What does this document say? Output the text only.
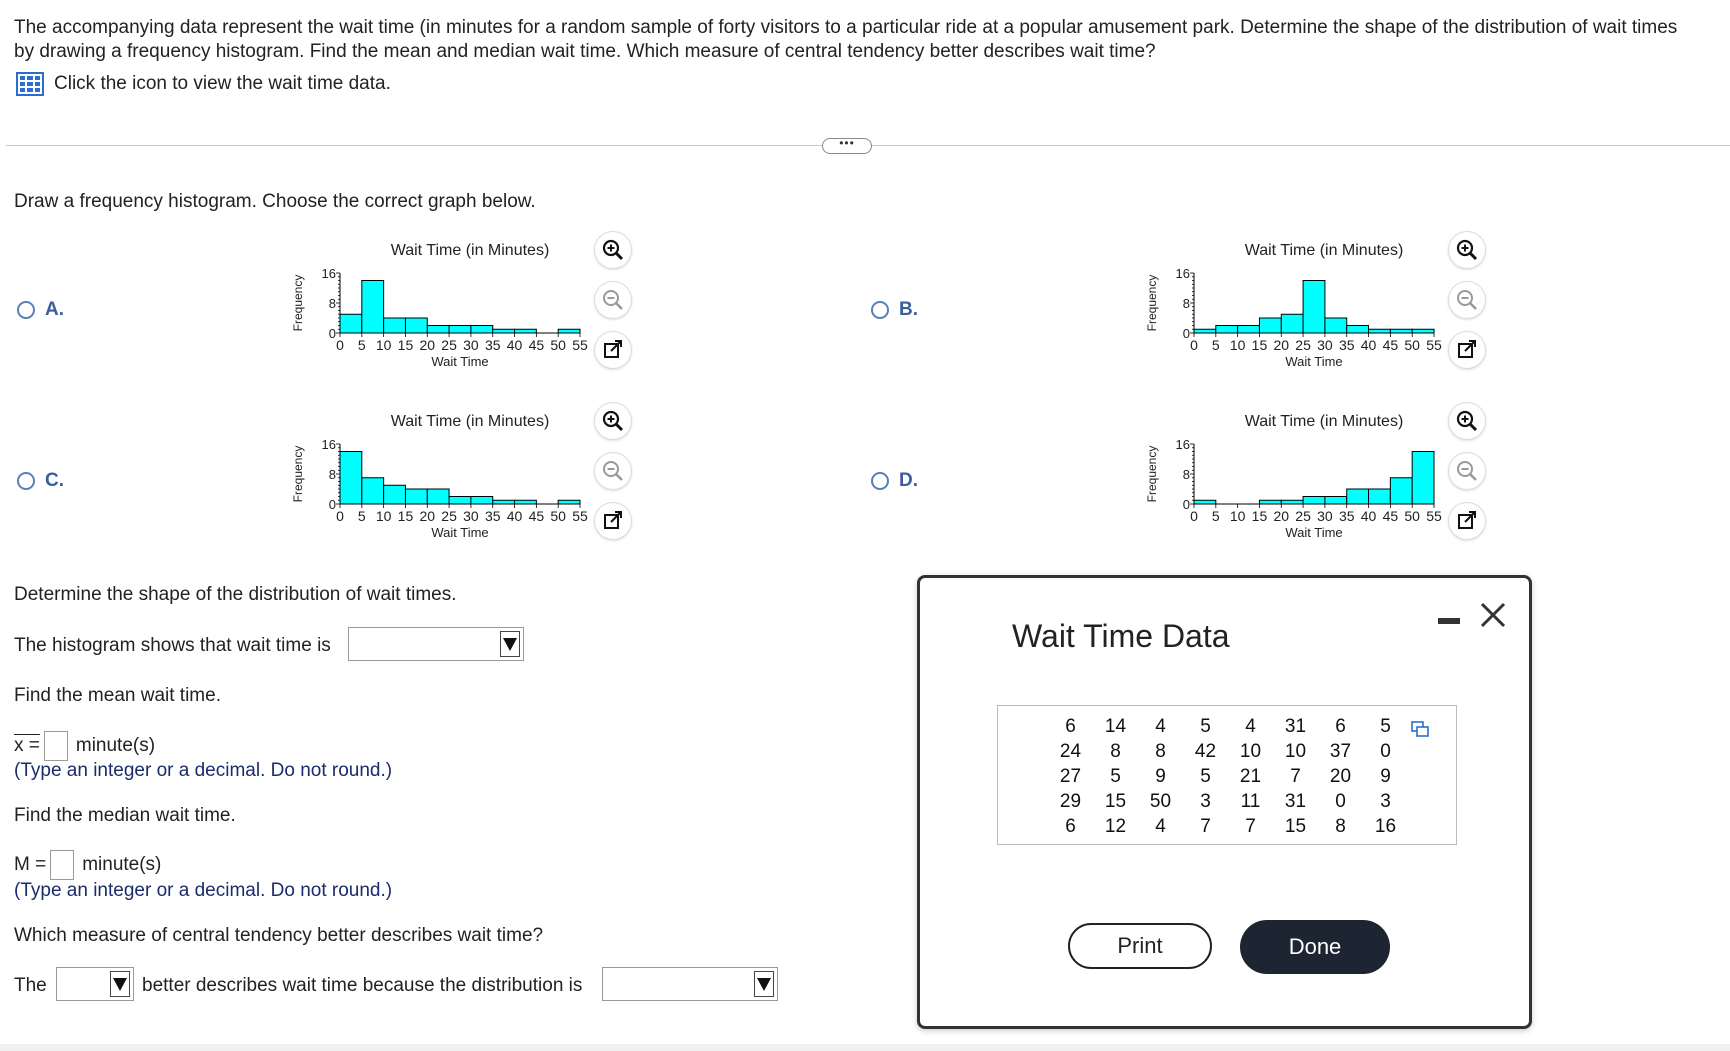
The accompanying data represent the wait time (in minutes for a random sample of forty visitors to a particular ride at a popular amusement park. Determine the shape of the distribution of wait times
by drawing a frequency histogram. Find the mean and median wait time. Which measure of central tendency better describes wait time?
Click the icon to view the wait time data.
•••
Draw a frequency histogram. Choose the correct graph below.
A.	B.
C.	D.
Wait Time (in Minutes)
0
8
16
0 5 10 15 20 25 30 35 40 45 50 55
Wait Time
Frequency
Wait Time (in Minutes)
0
8
16
0 5 10 15 20 25 30 35 40 45 50 55
Wait Time
Frequency
Wait Time (in Minutes)
0
8
16
0 5 10 15 20 25 30 35 40 45 50 55
Wait Time
Frequency
Wait Time (in Minutes)
0
8
16
0 5 10 15 20 25 30 35 40 45 50 55
Wait Time
Frequency
Determine the shape of the distribution of wait times.
The histogram shows that wait time is
Find the mean wait time.
x = minute(s)
(Type an integer or a decimal. Do not round.)
Find the median wait time.
M = minute(s)
(Type an integer or a decimal. Do not round.)
Which measure of central tendency better describes wait time?
The	better describes wait time because the distribution is
Wait Time Data
6	14	4	5	4	31	6	5
24	8	8	42	10	10	37	0
27	5	9	5	21	7	20	9
29	15	50	3	11	31	0	3
6	12	4	7	7	15	8	16
Print	Done
